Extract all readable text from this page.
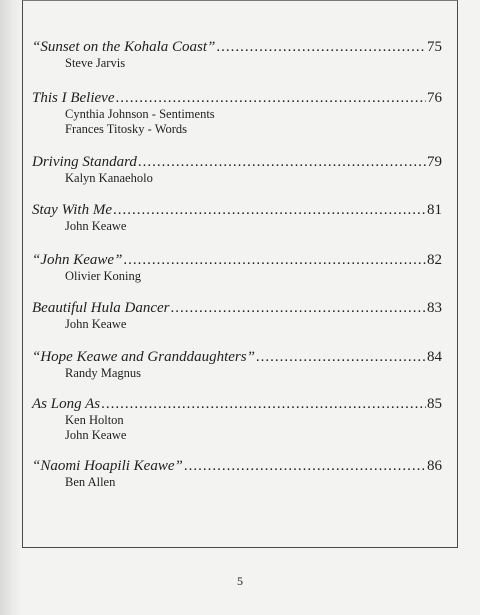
“Sunset on the Kohala Coast” .....	75
Steve Jarvis
This I Believe .....	76
Cynthia Johnson - Sentiments
Frances Titosky - Words
Driving Standard .....	79
Kalyn Kanaeholo
Stay With Me .....	81
John Keawe
“John Keawe” .....	82
Olivier Koning
Beautiful Hula Dancer .....	83
John Keawe
“Hope Keawe and Granddaughters” .....	84
Randy Magnus
As Long As .....	85
Ken Holton
John Keawe
“Naomi Hoapili Keawe” .....	86
Ben Allen
5
